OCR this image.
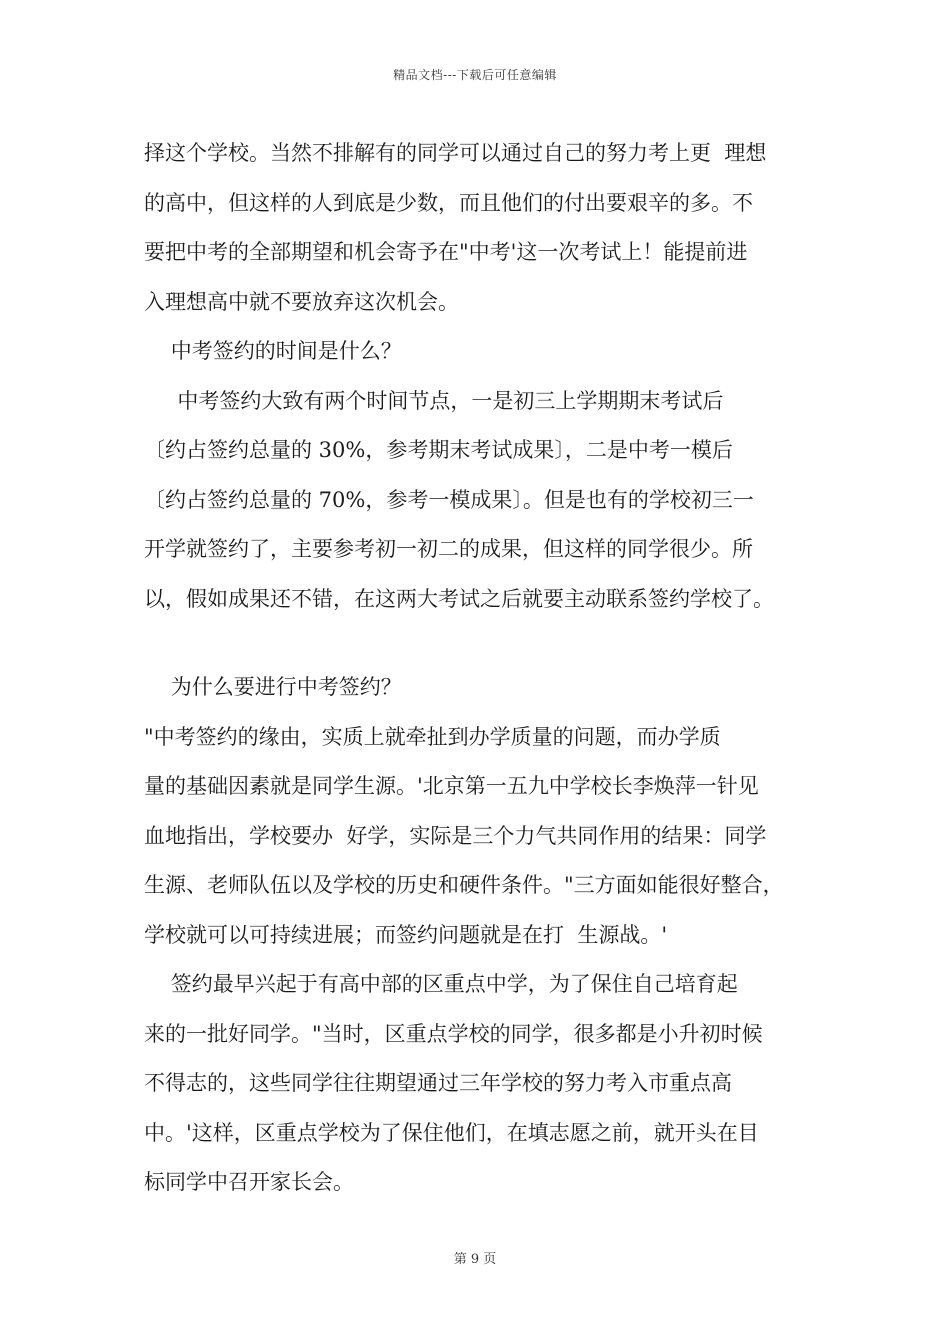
精品文档---下载后可任意编辑
择这个学校。当然不排解有的同学可以通过自己的努力考上更  理想
的高中，但这样的人到底是少数，而且他们的付出要艰辛的多。不
要把中考的全部期望和机会寄予在"中考'这一次考试上！能提前进
入理想高中就不要放弃这次机会。
中考签约的时间是什么？
中考签约大致有两个时间节点，一是初三上学期期末考试后
〔约占签约总量的 30%，参考期末考试成果〕，二是中考一模后
〔约占签约总量的 70%，参考一模成果〕。但是也有的学校初三一
开学就签约了，主要参考初一初二的成果，但这样的同学很少。所
以，假如成果还不错，在这两大考试之后就要主动联系签约学校了。
为什么要进行中考签约？
"中考签约的缘由，实质上就牵扯到办学质量的问题，而办学质
量的基础因素就是同学生源。'北京第一五九中学校长李焕萍一针见
血地指出，学校要办  好学，实际是三个力气共同作用的结果：同学
生源、老师队伍以及学校的历史和硬件条件。"三方面如能很好整合，
学校就可以可持续进展；而签约问题就是在打  生源战。'
签约最早兴起于有高中部的区重点中学，为了保住自己培育起
来的一批好同学。"当时，区重点学校的同学，很多都是小升初时候
不得志的，这些同学往往期望通过三年学校的努力考入市重点高
中。'这样，区重点学校为了保住他们，在填志愿之前，就开头在目
标同学中召开家长会。
第 9 页
